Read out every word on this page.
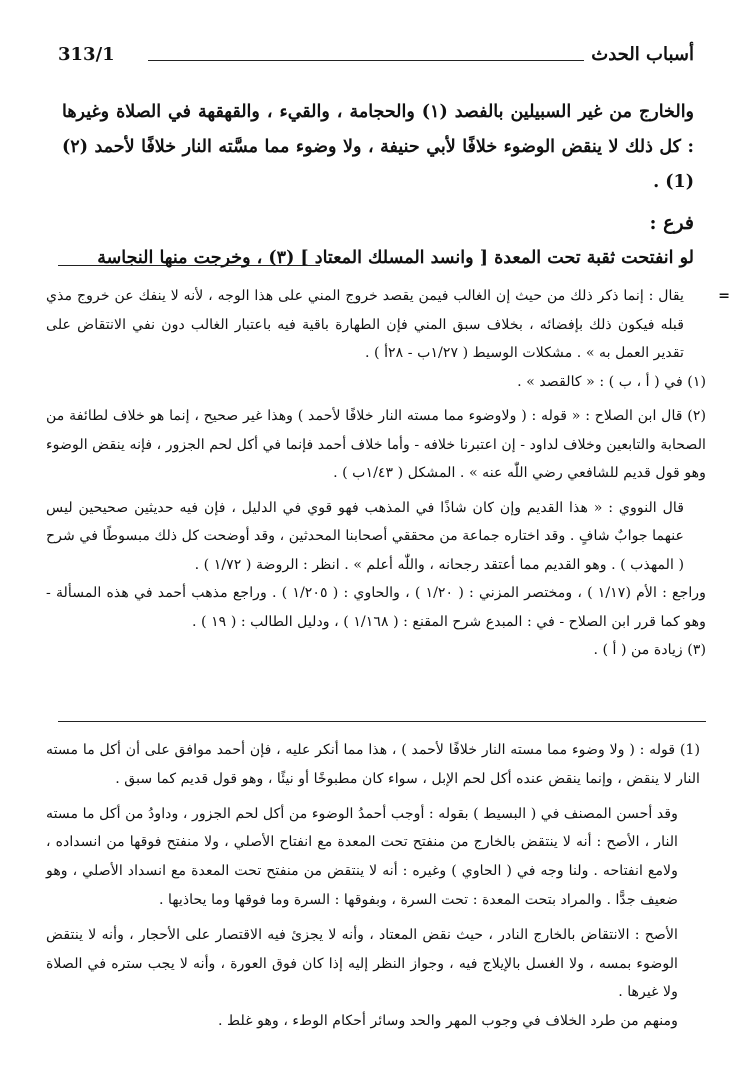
أسباب الحدث
313/1

والخارج من غير السبيلين بالفصد (١) والحجامة ، والقيء ، والقهقهة في الصلاة وغيرها : كل ذلك لا ينقض الوضوء خلافًا لأبي حنيفة ، ولا وضوء مما مسَّته النار خلافًا لأحمد (٢) (1) .

فرع :

لو انفتحت ثقبة تحت المعدة [ وانسد المسلك المعتاد ] (٣) ، وخرجت منها النجاسة

=

يقال : إنما ذكر ذلك من حيث إن الغالب فيمن يقصد خروج المني على هذا الوجه ، لأنه لا ينفك عن خروج مذي قبله فيكون ذلك بإفضائه ، بخلاف سبق المني فإن الطهارة باقية فيه باعتبار الغالب دون نفي الانتقاض على تقدير العمل به » . مشكلات الوسيط ( ١/٢٧ب - ٢٨أ ) .

(١) في ( أ ، ب ) : « كالقصد » .

(٢) قال ابن الصلاح : « قوله : ( ولاوضوء مما مسته النار خلافًا لأحمد ) وهذا غير صحيح ، إنما هو خلاف لطائفة من الصحابة والتابعين وخلاف لداود - إن اعتبرنا خلافه - وأما خلاف أحمد فإنما في أكل لحم الجزور ، فإنه ينقض الوضوء وهو قول قديم للشافعي رضي اللّٰه عنه » . المشكل ( ١/٤٣ب ) .

قال النووي : « هذا القديم وإن كان شاذًا في المذهب فهو قوي في الدليل ، فإن فيه حديثين صحيحين ليس عنهما جوابٌ شافٍ . وقد اختاره جماعة من محققي أصحابنا المحدثين ، وقد أوضحت كل ذلك مبسوطًا في شرح ( المهذب ) . وهو القديم مما أعتقد رجحانه ، واللّٰه أعلم » . انظر : الروضة ( ١/٧٢ ) .

وراجع : الأم (١/١٧ ) ، ومختصر المزني : ( ١/٢٠ ) ، والحاوي : ( ١/٢٠٥ ) . وراجع مذهب أحمد في هذه المسألة - وهو كما قرر ابن الصلاح - في : المبدع شرح المقنع : ( ١/١٦٨ ) ، ودليل الطالب : ( ١٩ ) .

(٣) زيادة من ( أ ) .

(1) قوله : ( ولا وضوء مما مسته النار خلافًا لأحمد ) ، هذا مما أنكر عليه ، فإن أحمد موافق على أن أكل ما مسته النار لا ينقض ، وإنما ينقض عنده أكل لحم الإبل ، سواء كان مطبوخًا أو نيئًا ، وهو قول قديم كما سبق .

وقد أحسن المصنف في ( البسيط ) بقوله : أوجب أحمدُ الوضوء من أكل لحم الجزور ، وداودُ من أكل ما مسته النار ، الأصح : أنه لا ينتقض بالخارج من منفتح تحت المعدة مع انفتاح الأصلي ، ولا منفتح فوقها من انسداده ، ولامع انفتاحه . ولنا وجه في ( الحاوي ) وغيره : أنه لا ينتقض من منفتح تحت المعدة مع انسداد الأصلي ، وهو ضعيف جدًّا . والمراد بتحت المعدة : تحت السرة ، وبفوقها : السرة وما فوقها وما يحاذيها .

الأصح : الانتقاض بالخارج النادر ، حيث نقض المعتاد ، وأنه لا يجزئ فيه الاقتصار على الأحجار ، وأنه لا ينتقض الوضوء بمسه ، ولا الغسل بالإيلاج فيه ، وجواز النظر إليه إذا كان فوق العورة ، وأنه لا يجب ستره في الصلاة ولا غيرها .

ومنهم من طرد الخلاف في وجوب المهر والحد وسائر أحكام الوطء ، وهو غلط .
